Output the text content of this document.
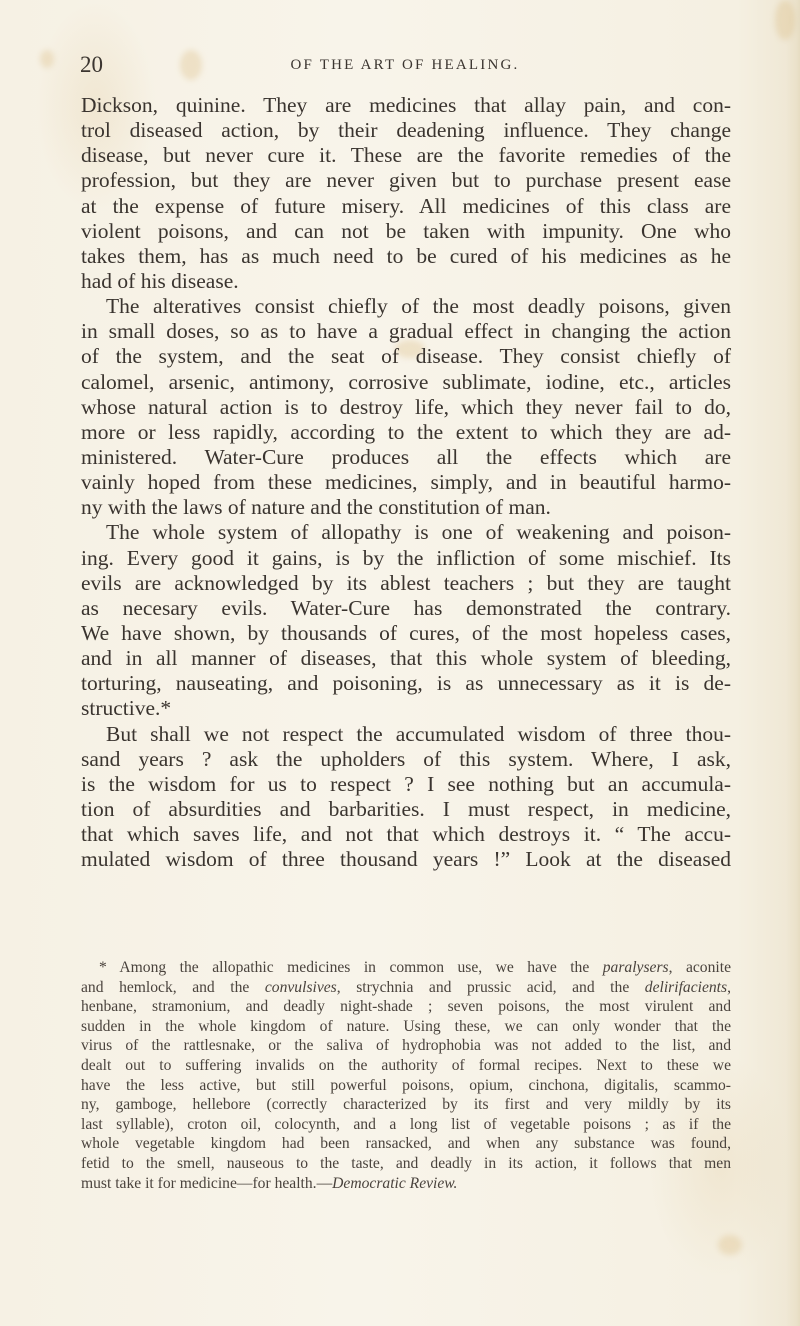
20	OF THE ART OF HEALING.
Dickson, quinine. They are medicines that allay pain, and con-
trol diseased action, by their deadening influence. They change
disease, but never cure it. These are the favorite remedies of the
profession, but they are never given but to purchase present ease
at the expense of future misery. All medicines of this class are
violent poisons, and can not be taken with impunity. One who
takes them, has as much need to be cured of his medicines as he
had of his disease.
The alteratives consist chiefly of the most deadly poisons, given
in small doses, so as to have a gradual effect in changing the action
of the system, and the seat of disease. They consist chiefly of
calomel, arsenic, antimony, corrosive sublimate, iodine, etc., articles
whose natural action is to destroy life, which they never fail to do,
more or less rapidly, according to the extent to which they are ad-
ministered. Water-Cure produces all the effects which are
vainly hoped from these medicines, simply, and in beautiful harmo-
ny with the laws of nature and the constitution of man.
The whole system of allopathy is one of weakening and poison-
ing. Every good it gains, is by the infliction of some mischief. Its
evils are acknowledged by its ablest teachers ; but they are taught
as necesary evils. Water-Cure has demonstrated the contrary.
We have shown, by thousands of cures, of the most hopeless cases,
and in all manner of diseases, that this whole system of bleeding,
torturing, nauseating, and poisoning, is as unnecessary as it is de-
structive.*
But shall we not respect the accumulated wisdom of three thou-
sand years ? ask the upholders of this system. Where, I ask,
is the wisdom for us to respect ? I see nothing but an accumula-
tion of absurdities and barbarities. I must respect, in medicine,
that which saves life, and not that which destroys it. “ The accu-
mulated wisdom of three thousand years !” Look at the diseased
* Among the allopathic medicines in common use, we have the paralysers, aconite
and hemlock, and the convulsives, strychnia and prussic acid, and the delirifacients,
henbane, stramonium, and deadly night-shade ; seven poisons, the most virulent and
sudden in the whole kingdom of nature. Using these, we can only wonder that the
virus of the rattlesnake, or the saliva of hydrophobia was not added to the list, and
dealt out to suffering invalids on the authority of formal recipes. Next to these we
have the less active, but still powerful poisons, opium, cinchona, digitalis, scammo-
ny, gamboge, hellebore (correctly characterized by its first and very mildly by its
last syllable), croton oil, colocynth, and a long list of vegetable poisons ; as if the
whole vegetable kingdom had been ransacked, and when any substance was found,
fetid to the smell, nauseous to the taste, and deadly in its action, it follows that men
must take it for medicine—for health.—Democratic Review.
